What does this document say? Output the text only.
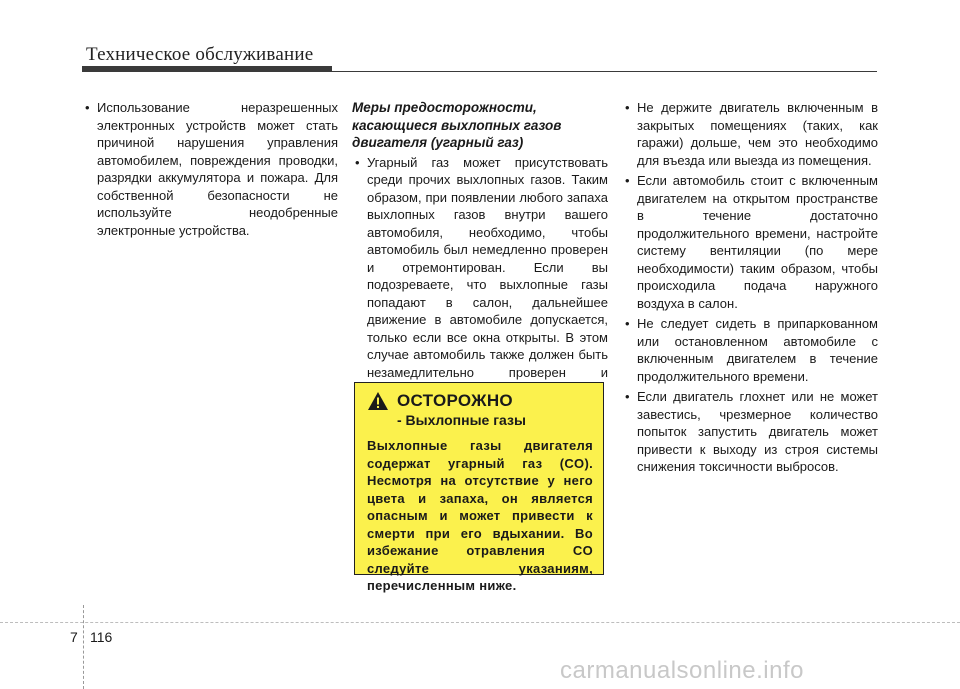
Техническое обслуживание
• Использование неразрешенных электронных устройств может стать причиной нарушения управления автомобилем, повреждения проводки, разрядки аккумулятора и пожара. Для собственной безопасности не используйте неодобренные электронные устройства.
Меры предосторожности, касающиеся выхлопных газов двигателя (угарный газ)
• Угарный газ может присутствовать среди прочих выхлопных газов. Таким образом, при появлении любого запаха выхлопных газов внутри вашего автомобиля, необходимо, чтобы автомобиль был немедленно проверен и отремонтирован. Если вы подозреваете, что выхлопные газы попадают в салон, дальнейшее движение в автомобиле допускается, только если все окна открыты. В этом случае автомобиль также должен быть незамедлительно проверен и
ОСТОРОЖНО
- Выхлопные газы
Выхлопные газы двигателя содержат угарный газ (CO). Несмотря на отсутствие у него цвета и запаха, он является опасным и может привести к смерти при его вдыхании. Во избежание отравления CO следуйте указаниям, перечисленным ниже.
• Не держите двигатель включенным в закрытых помещениях (таких, как гаражи) дольше, чем это необходимо для въезда или выезда из помещения.
• Если автомобиль стоит с включенным двигателем на открытом пространстве в течение достаточно продолжительного времени, настройте систему вентиляции (по мере необходимости) таким образом, чтобы происходила подача наружного воздуха в салон.
• Не следует сидеть в припаркованном или остановленном автомобиле с включенным двигателем в течение продолжительного времени.
• Если двигатель глохнет или не может завестись, чрезмерное количество попыток запустить двигатель может привести к выходу из строя системы снижения токсичности выбросов.
7 116
carmanualsonline.info
